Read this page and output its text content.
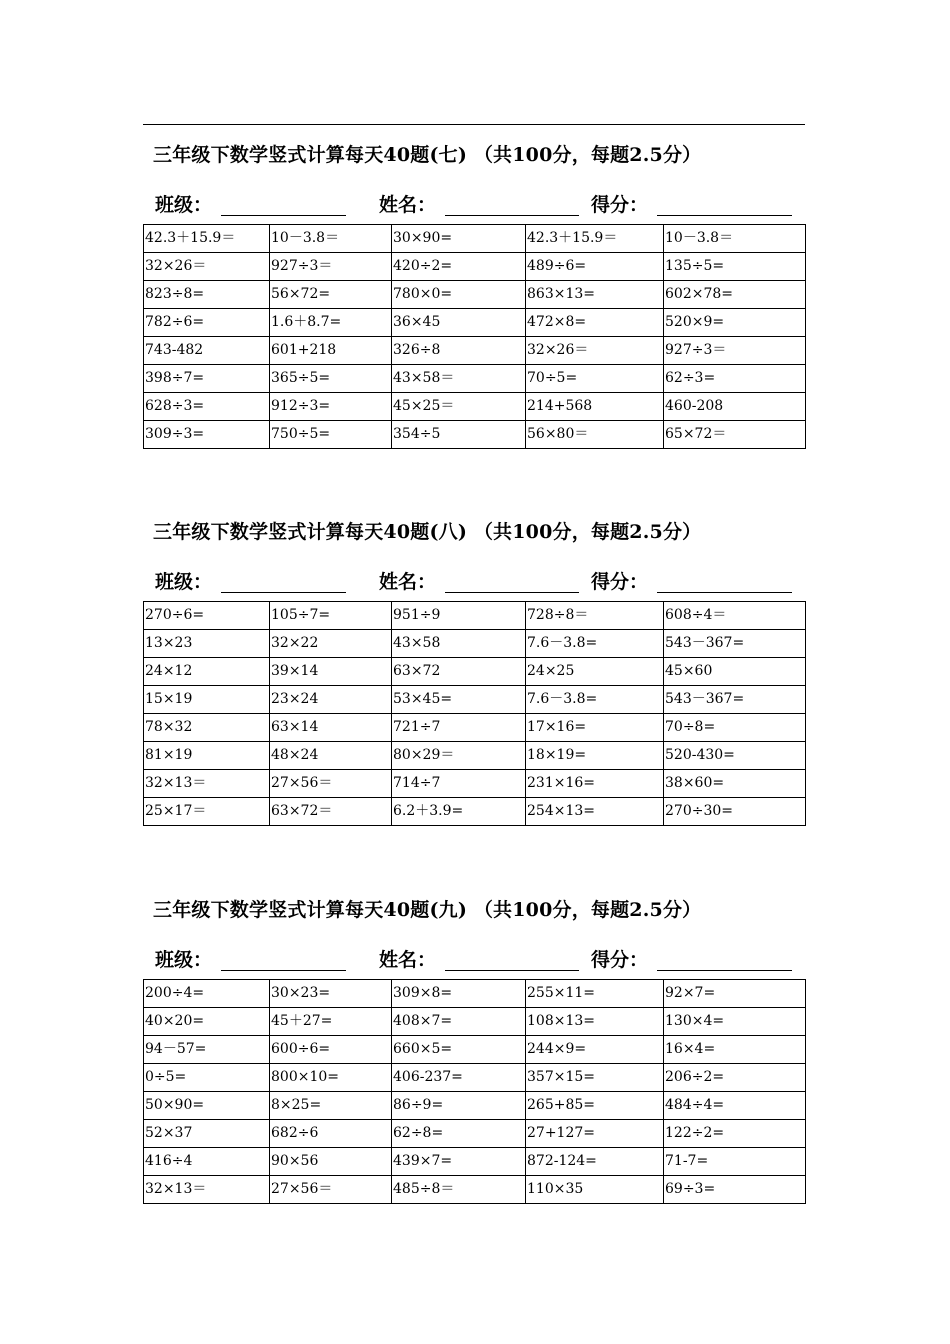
三年级下数学竖式计算每天40题(七) （共100分，每题2.5分）
班级：	姓名：	得分：
42.3＋15.9＝	10－3.8＝	30×90=	42.3＋15.9＝	10－3.8＝
32×26＝	927÷3＝	420÷2=	489÷6=	135÷5=
823÷8=	56×72=	780×0=	863×13=	602×78=
782÷6=	1.6＋8.7=	36×45	472×8=	520×9=
743-482	601+218	326÷8	32×26＝	927÷3＝
398÷7=	365÷5=	43×58＝	70÷5=	62÷3=
628÷3=	912÷3=	45×25＝	214+568	460-208
309÷3=	750÷5=	354÷5	56×80＝	65×72＝
三年级下数学竖式计算每天40题(八) （共100分，每题2.5分）
班级：	姓名：	得分：
270÷6=	105÷7=	951÷9	728÷8＝	608÷4＝
13×23	32×22	43×58	7.6－3.8=	543－367=
24×12	39×14	63×72	24×25	45×60
15×19	23×24	53×45=	7.6－3.8=	543－367=
78×32	63×14	721÷7	17×16=	70÷8=
81×19	48×24	80×29＝	18×19=	520-430=
32×13＝	27×56＝	714÷7	231×16=	38×60=
25×17＝	63×72＝	6.2＋3.9=	254×13=	270÷30=
三年级下数学竖式计算每天40题(九) （共100分，每题2.5分）
班级：	姓名：	得分：
200÷4=	30×23=	309×8=	255×11=	92×7=
40×20=	45＋27=	408×7=	108×13=	130×4=
94－57=	600÷6=	660×5=	244×9=	16×4=
0÷5=	800×10=	406-237=	357×15=	206÷2=
50×90=	8×25=	86÷9=	265+85=	484÷4=
52×37	682÷6	62÷8=	27+127=	122÷2=
416÷4	90×56	439×7=	872-124=	71-7=
32×13＝	27×56＝	485÷8＝	110×35	69÷3=
